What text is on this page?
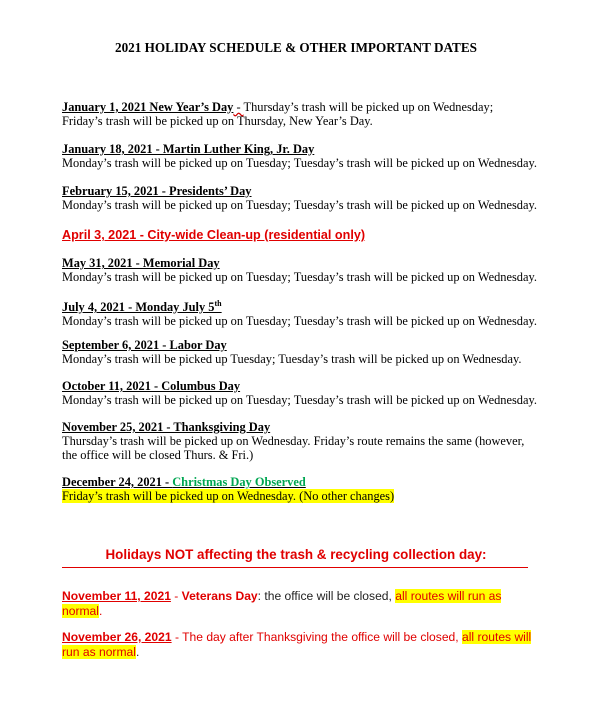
2021 HOLIDAY SCHEDULE & OTHER IMPORTANT DATES
January 1, 2021 New Year’s Day - Thursday’s trash will be picked up on Wednesday;
Friday’s trash will be picked up on Thursday, New Year’s Day.
January 18, 2021 - Martin Luther King, Jr. Day
Monday’s trash will be picked up on Tuesday; Tuesday’s trash will be picked up on Wednesday.
February 15, 2021 - Presidents’ Day
Monday’s trash will be picked up on Tuesday; Tuesday’s trash will be picked up on Wednesday.
April 3, 2021 - City-wide Clean-up (residential only)
May 31, 2021 - Memorial Day
Monday’s trash will be picked up on Tuesday; Tuesday’s trash will be picked up on Wednesday.
July 4, 2021 - Monday July 5th
Monday’s trash will be picked up on Tuesday; Tuesday’s trash will be picked up on Wednesday.
September 6, 2021 - Labor Day
Monday’s trash will be picked up Tuesday; Tuesday’s trash will be picked up on Wednesday.
October 11, 2021 - Columbus Day
Monday’s trash will be picked up on Tuesday; Tuesday’s trash will be picked up on Wednesday.
November 25, 2021 - Thanksgiving Day
Thursday’s trash will be picked up on Wednesday. Friday’s route remains the same (however,
the office will be closed Thurs. & Fri.)
December 24, 2021 - Christmas Day Observed
Friday’s trash will be picked up on Wednesday. (No other changes)
Holidays NOT affecting the trash & recycling collection day:
November 11, 2021 - Veterans Day: the office will be closed, all routes will run as normal.
November 26, 2021 - The day after Thanksgiving the office will be closed, all routes will run as normal.
